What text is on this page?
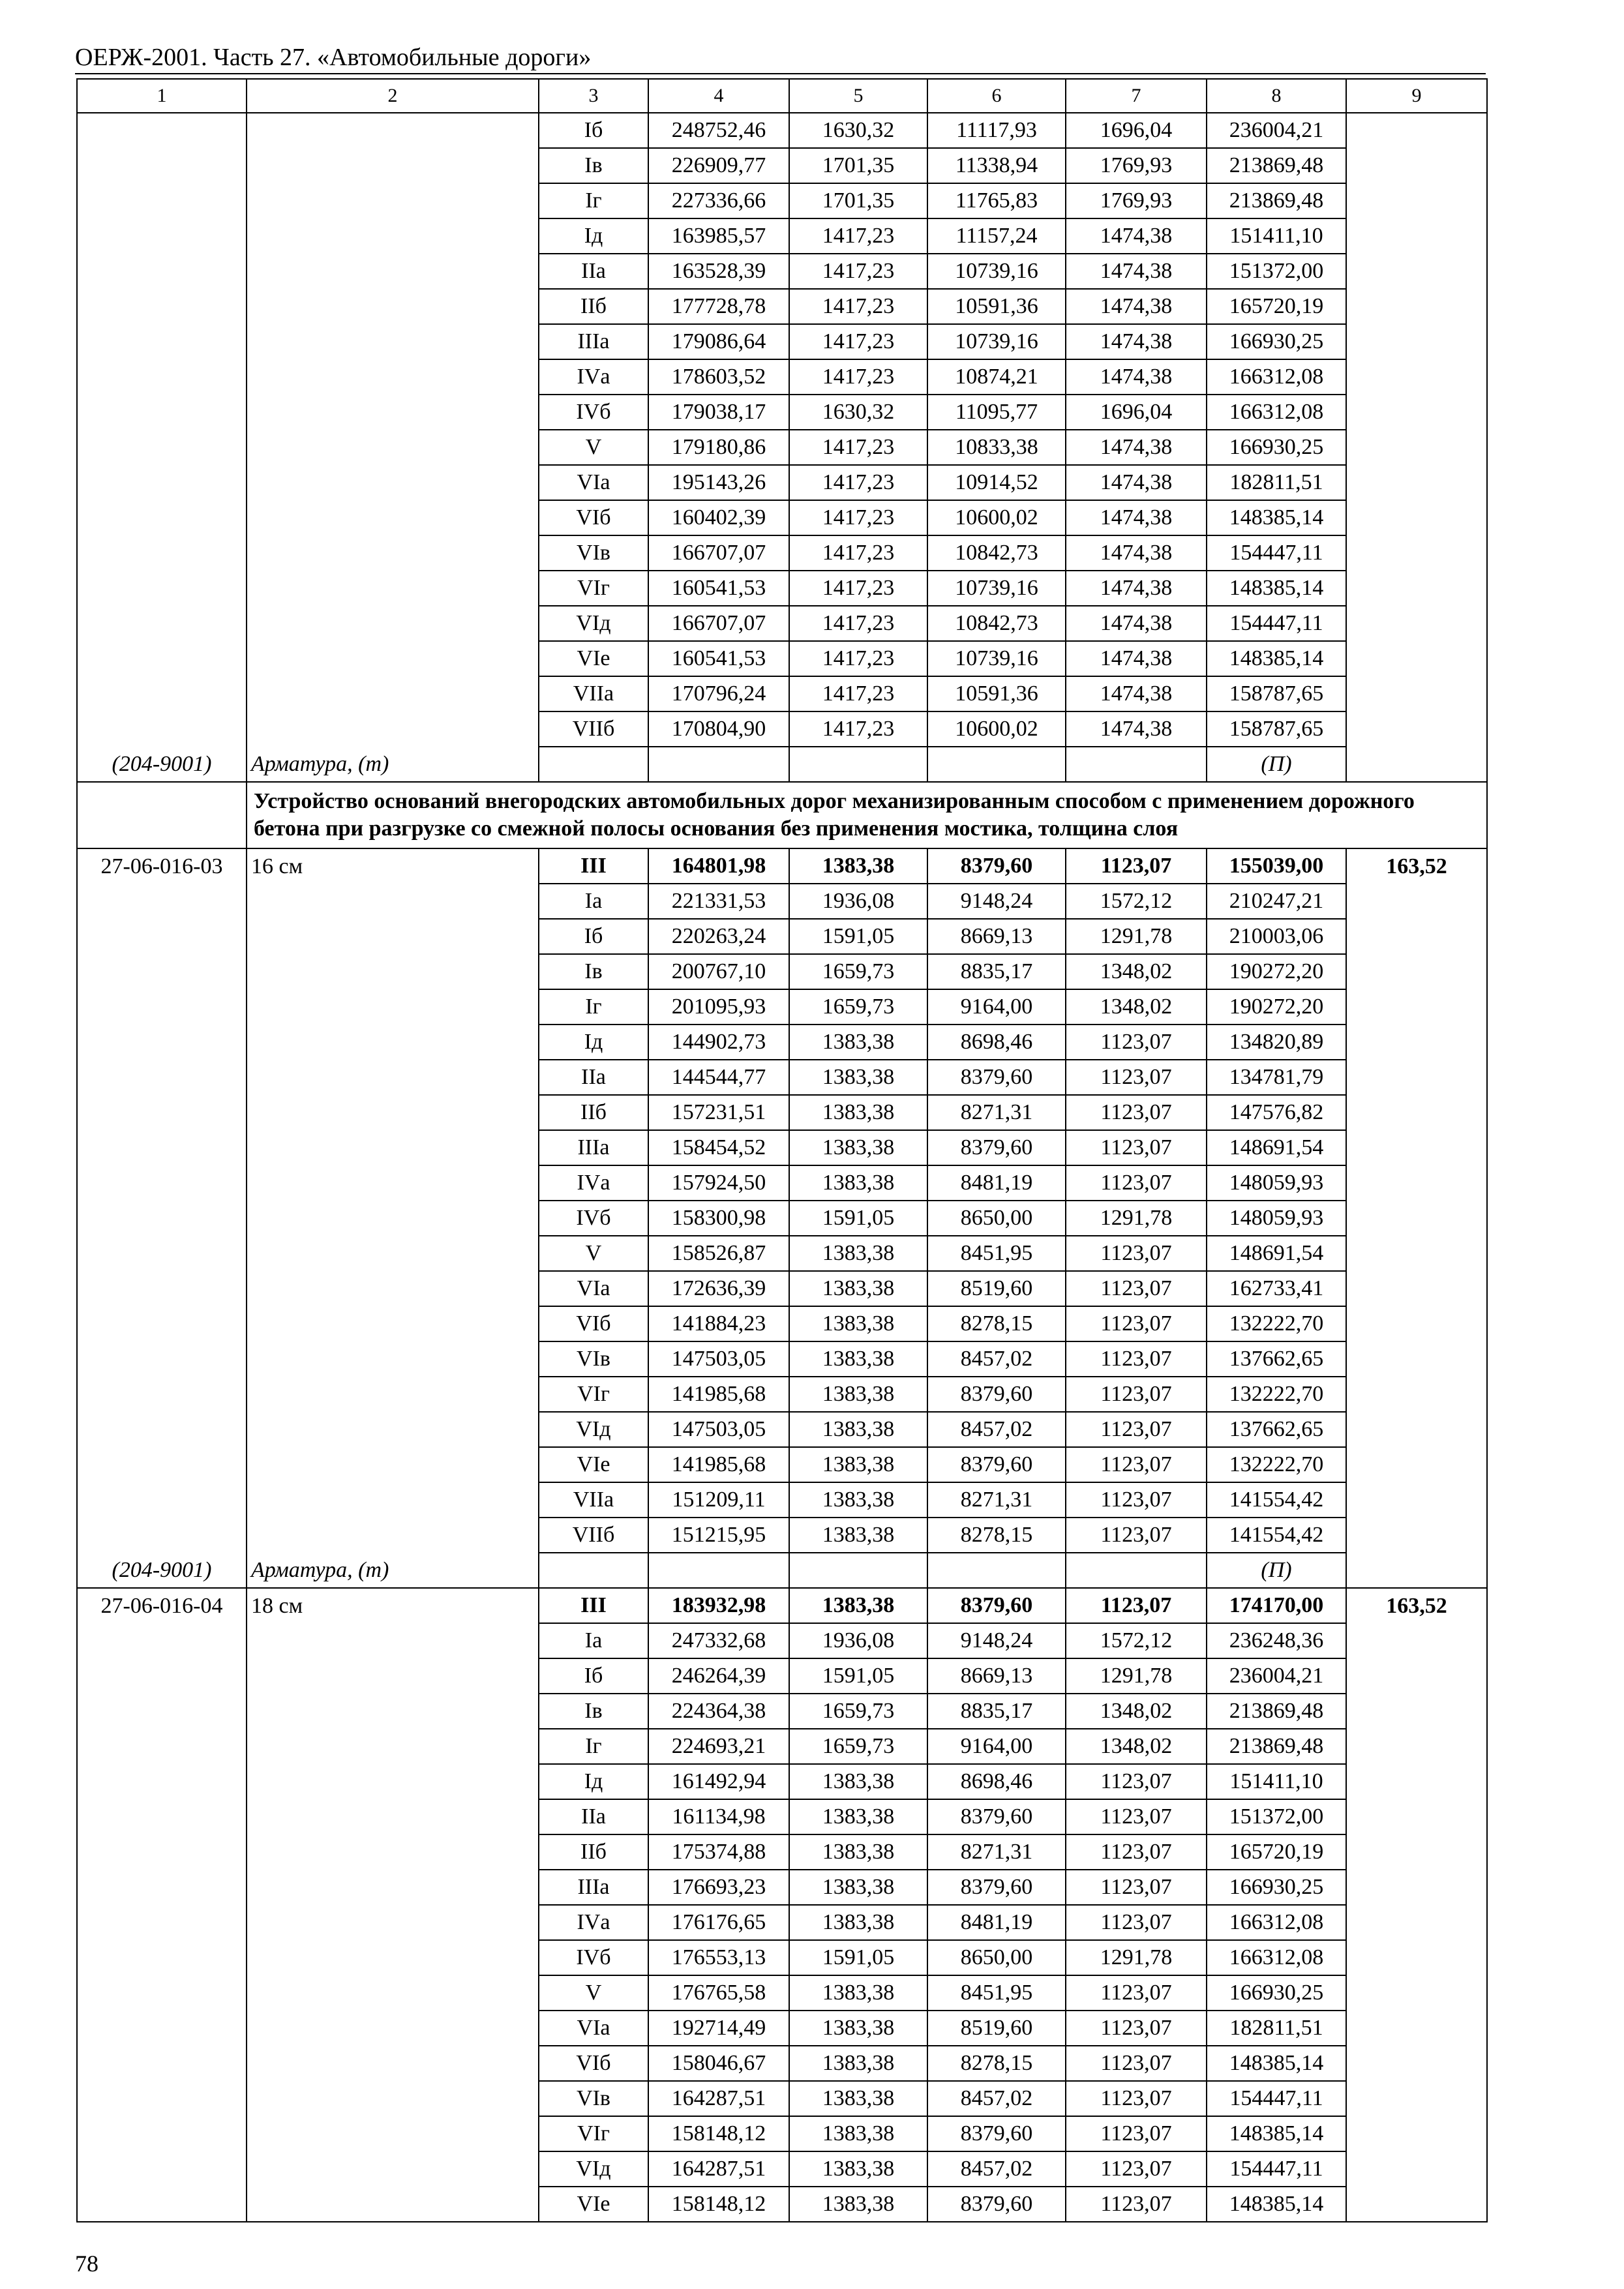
ОЕРЖ-2001. Часть 27. «Автомобильные дороги»
1	2	3	4	5	6	7	8	9
		Iб	248752,46	1630,32	11117,93	1696,04	236004,21	
		Iв	226909,77	1701,35	11338,94	1769,93	213869,48	
		Iг	227336,66	1701,35	11765,83	1769,93	213869,48	
		Iд	163985,57	1417,23	11157,24	1474,38	151411,10	
		IIа	163528,39	1417,23	10739,16	1474,38	151372,00	
		IIб	177728,78	1417,23	10591,36	1474,38	165720,19	
		IIIа	179086,64	1417,23	10739,16	1474,38	166930,25	
		IVа	178603,52	1417,23	10874,21	1474,38	166312,08	
		IVб	179038,17	1630,32	11095,77	1696,04	166312,08	
		V	179180,86	1417,23	10833,38	1474,38	166930,25	
		VIа	195143,26	1417,23	10914,52	1474,38	182811,51	
		VIб	160402,39	1417,23	10600,02	1474,38	148385,14	
		VIв	166707,07	1417,23	10842,73	1474,38	154447,11	
		VIг	160541,53	1417,23	10739,16	1474,38	148385,14	
		VIд	166707,07	1417,23	10842,73	1474,38	154447,11	
		VIе	160541,53	1417,23	10739,16	1474,38	148385,14	
		VIIа	170796,24	1417,23	10591,36	1474,38	158787,65	
		VIIб	170804,90	1417,23	10600,02	1474,38	158787,65	
(204-9001)	Арматура, (т)						(П)	
	Устройство оснований внегородских автомобильных дорог механизированным способом с применением дорожного бетона при разгрузке со смежной полосы основания без применения мостика, толщина слоя							
27-06-016-03	16 см	III	164801,98	1383,38	8379,60	1123,07	155039,00	163,52
		Iа	221331,53	1936,08	9148,24	1572,12	210247,21	
		Iб	220263,24	1591,05	8669,13	1291,78	210003,06	
		Iв	200767,10	1659,73	8835,17	1348,02	190272,20	
		Iг	201095,93	1659,73	9164,00	1348,02	190272,20	
		Iд	144902,73	1383,38	8698,46	1123,07	134820,89	
		IIа	144544,77	1383,38	8379,60	1123,07	134781,79	
		IIб	157231,51	1383,38	8271,31	1123,07	147576,82	
		IIIа	158454,52	1383,38	8379,60	1123,07	148691,54	
		IVа	157924,50	1383,38	8481,19	1123,07	148059,93	
		IVб	158300,98	1591,05	8650,00	1291,78	148059,93	
		V	158526,87	1383,38	8451,95	1123,07	148691,54	
		VIа	172636,39	1383,38	8519,60	1123,07	162733,41	
		VIб	141884,23	1383,38	8278,15	1123,07	132222,70	
		VIв	147503,05	1383,38	8457,02	1123,07	137662,65	
		VIг	141985,68	1383,38	8379,60	1123,07	132222,70	
		VIд	147503,05	1383,38	8457,02	1123,07	137662,65	
		VIе	141985,68	1383,38	8379,60	1123,07	132222,70	
		VIIа	151209,11	1383,38	8271,31	1123,07	141554,42	
		VIIб	151215,95	1383,38	8278,15	1123,07	141554,42	
(204-9001)	Арматура, (т)						(П)	
27-06-016-04	18 см	III	183932,98	1383,38	8379,60	1123,07	174170,00	163,52
		Iа	247332,68	1936,08	9148,24	1572,12	236248,36	
		Iб	246264,39	1591,05	8669,13	1291,78	236004,21	
		Iв	224364,38	1659,73	8835,17	1348,02	213869,48	
		Iг	224693,21	1659,73	9164,00	1348,02	213869,48	
		Iд	161492,94	1383,38	8698,46	1123,07	151411,10	
		IIа	161134,98	1383,38	8379,60	1123,07	151372,00	
		IIб	175374,88	1383,38	8271,31	1123,07	165720,19	
		IIIа	176693,23	1383,38	8379,60	1123,07	166930,25	
		IVа	176176,65	1383,38	8481,19	1123,07	166312,08	
		IVб	176553,13	1591,05	8650,00	1291,78	166312,08	
		V	176765,58	1383,38	8451,95	1123,07	166930,25	
		VIа	192714,49	1383,38	8519,60	1123,07	182811,51	
		VIб	158046,67	1383,38	8278,15	1123,07	148385,14	
		VIв	164287,51	1383,38	8457,02	1123,07	154447,11	
		VIг	158148,12	1383,38	8379,60	1123,07	148385,14	
		VIд	164287,51	1383,38	8457,02	1123,07	154447,11	
		VIе	158148,12	1383,38	8379,60	1123,07	148385,14	
78
